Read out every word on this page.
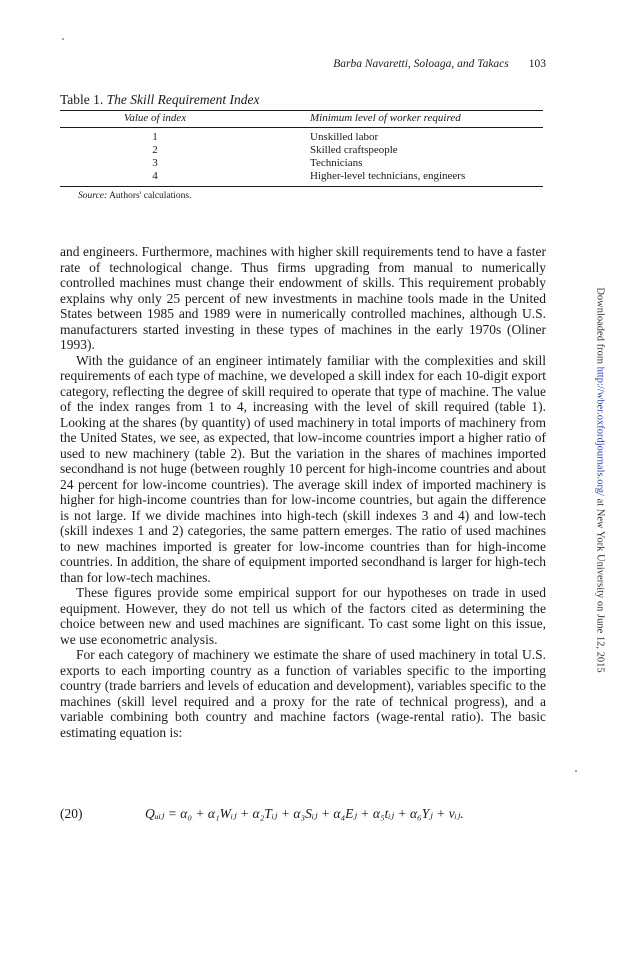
Barba Navaretti, Soloaga, and Takacs 103
Table 1. The Skill Requirement Index
Value of index	Minimum level of worker required
1	Unskilled labor
2	Skilled craftspeople
3	Technicians
4	Higher-level technicians, engineers
Source: Authors' calculations.

and engineers. Furthermore, machines with higher skill requirements tend to have a faster rate of technological change. Thus firms upgrading from manual to numerically controlled machines must change their endowment of skills. This requirement probably explains why only 25 percent of new investments in machine tools made in the United States between 1985 and 1989 were in numerically controlled machines, although U.S. manufacturers started investing in these types of machines in the early 1970s (Oliner 1993).

With the guidance of an engineer intimately familiar with the complexities and skill requirements of each type of machine, we developed a skill index for each 10-digit export category, reflecting the degree of skill required to operate that type of machine. The value of the index ranges from 1 to 4, increasing with the level of skill required (table 1). Looking at the shares (by quantity) of used machinery in total imports of machinery from the United States, we see, as expected, that low-income countries import a higher ratio of used to new machinery (table 2). But the variation in the shares of machines imported secondhand is not huge (between roughly 10 percent for high-income countries and about 24 percent for low-income countries). The average skill index of imported machinery is higher for high-income countries than for low-income countries, but again the difference is not large. If we divide machines into high-tech (skill indexes 3 and 4) and low-tech (skill indexes 1 and 2) categories, the same pattern emerges. The ratio of used machines to new machines imported is greater for low-income countries than for high-income countries. In addition, the share of equipment imported secondhand is larger for high-tech than for low-tech machines.

These figures provide some empirical support for our hypotheses on trade in used equipment. However, they do not tell us which of the factors cited as determining the choice between new and used machines are significant. To cast some light on this issue, we use econometric analysis.

For each category of machinery we estimate the share of used machinery in total U.S. exports to each importing country as a function of variables specific to the importing country (trade barriers and levels of education and development), variables specific to the machines (skill level required and a proxy for the rate of technical progress), and a variable combining both country and machine factors (wage-rental ratio). The basic estimating equation is:

(20)	Qᵤᵢⱼ = α₀ + α₁Wᵢⱼ + α₂Tᵢⱼ + α₃Sᵢⱼ + α₄Eⱼ + α₅tᵢⱼ + α₆Yⱼ + vᵢⱼ.
Downloaded from http://wber.oxfordjournals.org/ at New York University on June 12, 2015
